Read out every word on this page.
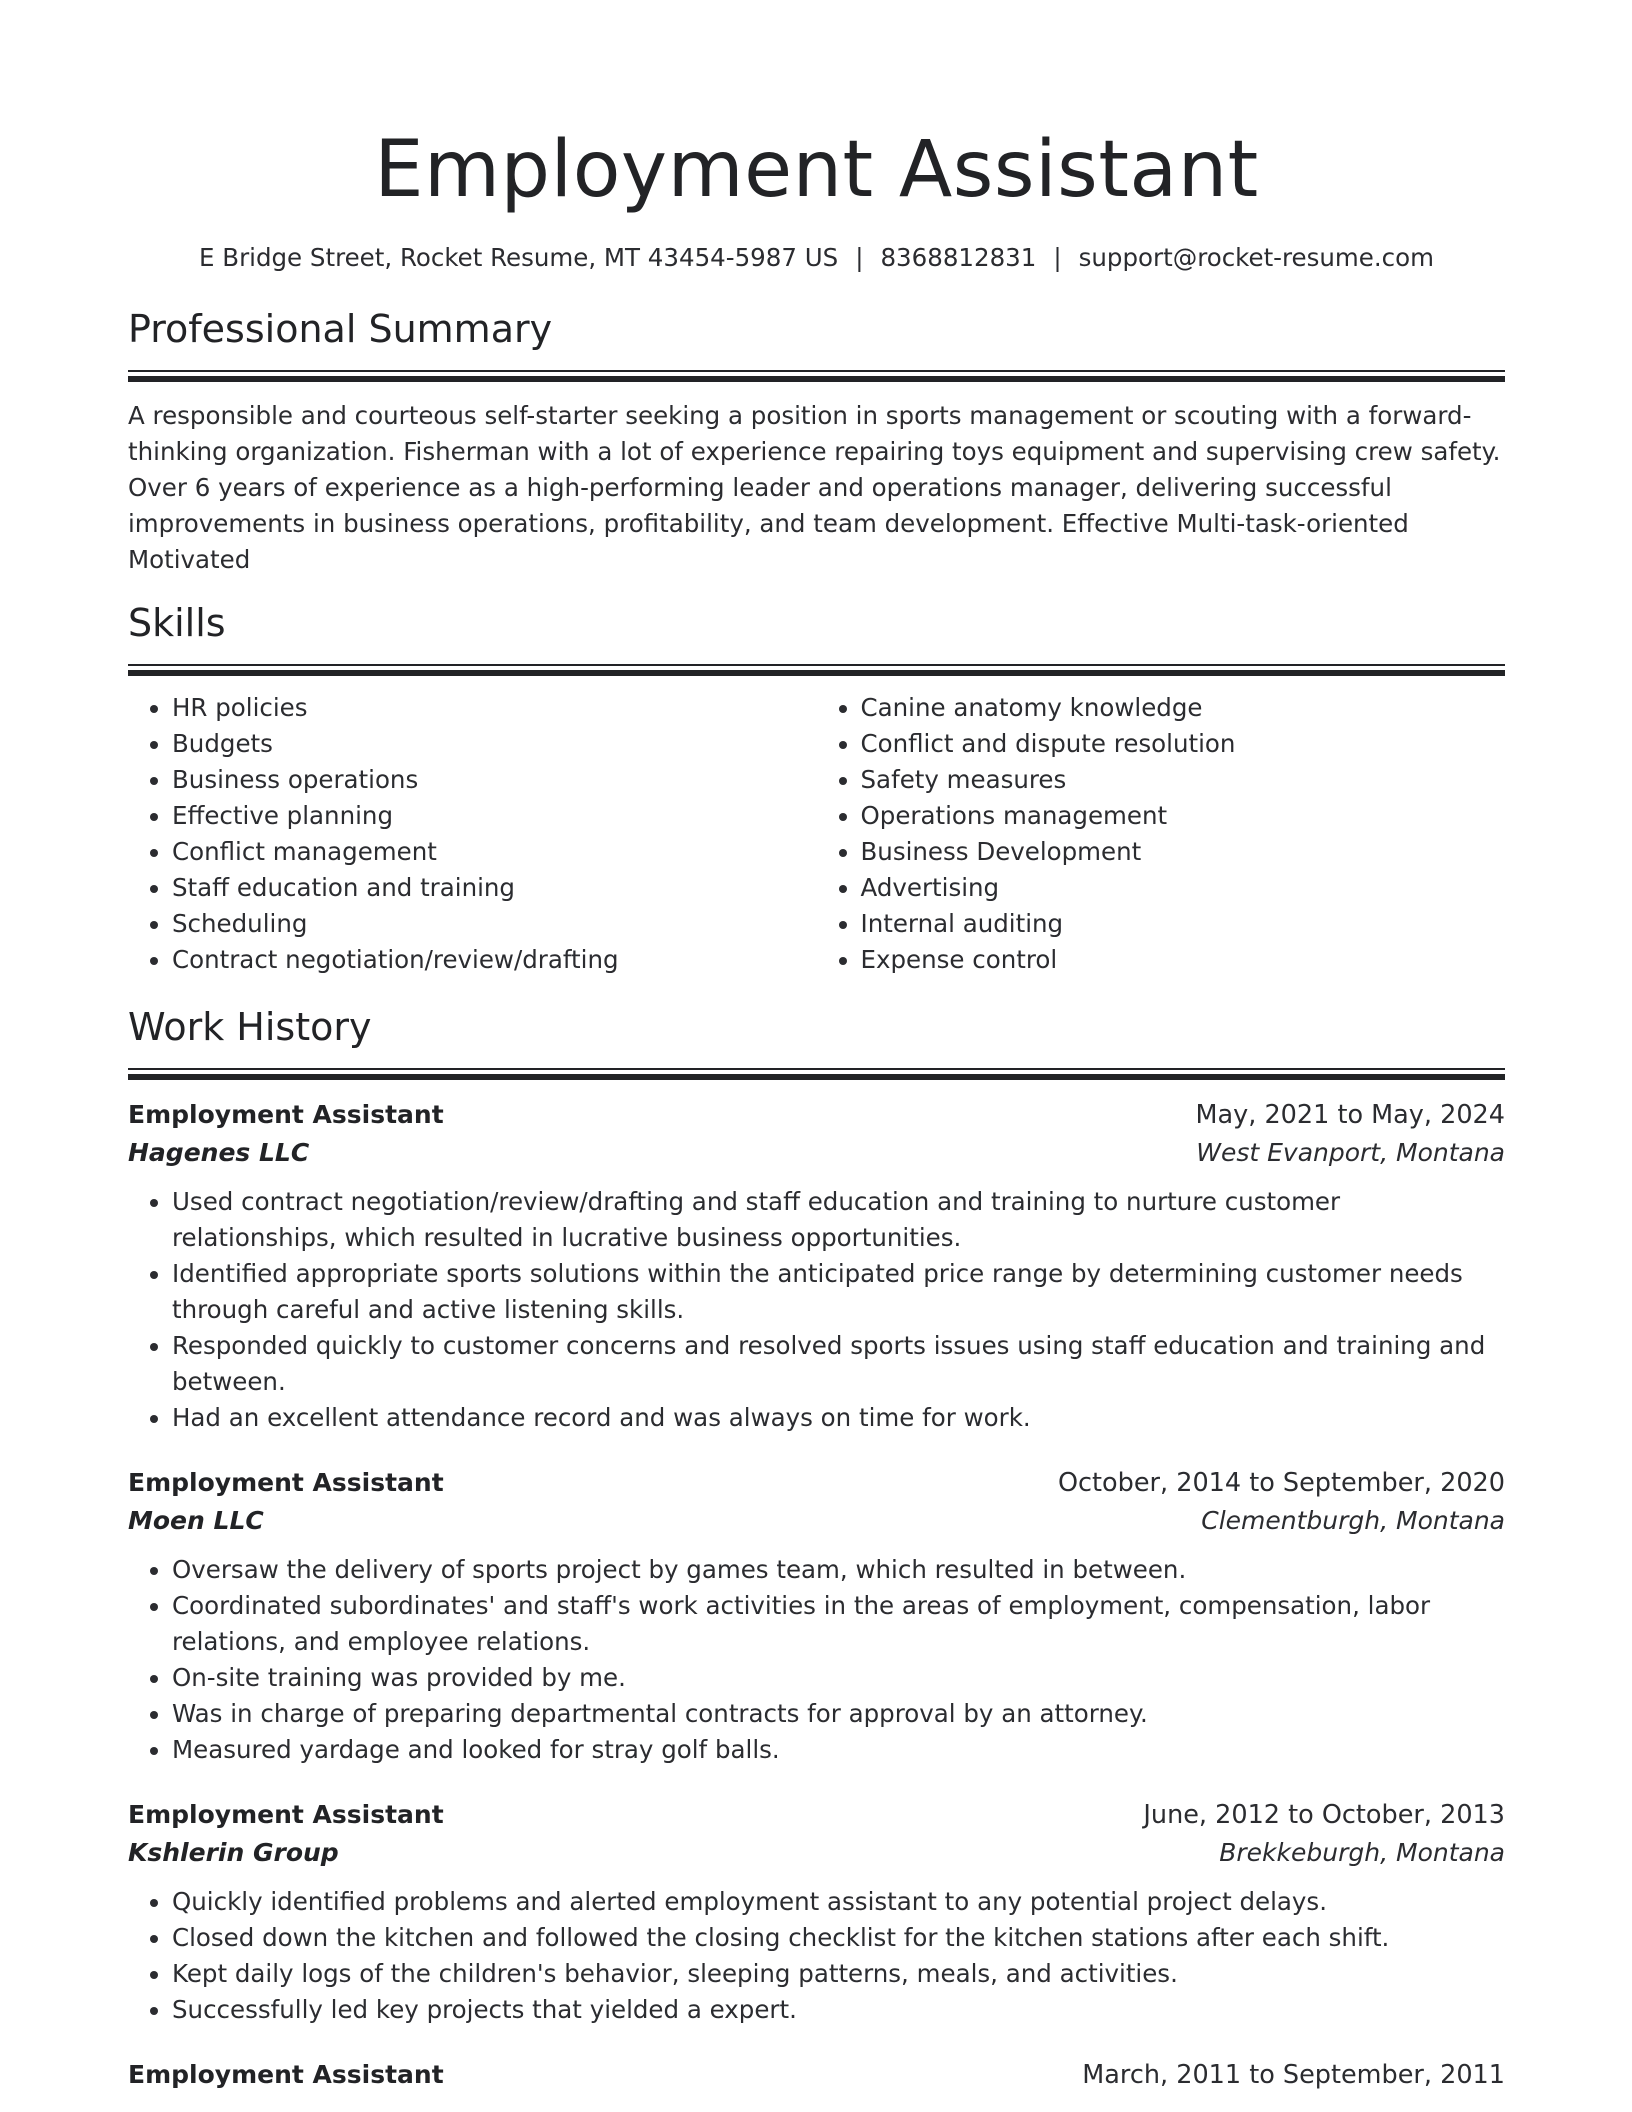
Employment Assistant
E Bridge Street, Rocket Resume, MT 43454-5987 US | 8368812831 | support@rocket-resume.com
Professional Summary

A responsible and courteous self-starter seeking a position in sports management or scouting with a forward-thinking organization. Fisherman with a lot of experience repairing toys equipment and supervising crew safety. Over 6 years of experience as a high-performing leader and operations manager, delivering successful improvements in business operations, profitability, and team development. Effective Multi-task-oriented Motivated

Skills
• HR policies
• Budgets
• Business operations
• Effective planning
• Conflict management
• Staff education and training
• Scheduling
• Contract negotiation/review/drafting
• Canine anatomy knowledge
• Conflict and dispute resolution
• Safety measures
• Operations management
• Business Development
• Advertising
• Internal auditing
• Expense control
Work History
Employment Assistant	May, 2021 to May, 2024
Hagenes LLC	West Evanport, Montana
• Used contract negotiation/review/drafting and staff education and training to nurture customer relationships, which resulted in lucrative business opportunities.
• Identified appropriate sports solutions within the anticipated price range by determining customer needs through careful and active listening skills.
• Responded quickly to customer concerns and resolved sports issues using staff education and training and between.
• Had an excellent attendance record and was always on time for work.
Employment Assistant	October, 2014 to September, 2020
Moen LLC	Clementburgh, Montana
• Oversaw the delivery of sports project by games team, which resulted in between.
• Coordinated subordinates' and staff's work activities in the areas of employment, compensation, labor relations, and employee relations.
• On-site training was provided by me.
• Was in charge of preparing departmental contracts for approval by an attorney.
• Measured yardage and looked for stray golf balls.
Employment Assistant	June, 2012 to October, 2013
Kshlerin Group	Brekkeburgh, Montana
• Quickly identified problems and alerted employment assistant to any potential project delays.
• Closed down the kitchen and followed the closing checklist for the kitchen stations after each shift.
• Kept daily logs of the children's behavior, sleeping patterns, meals, and activities.
• Successfully led key projects that yielded a expert.
Employment Assistant	March, 2011 to September, 2011
